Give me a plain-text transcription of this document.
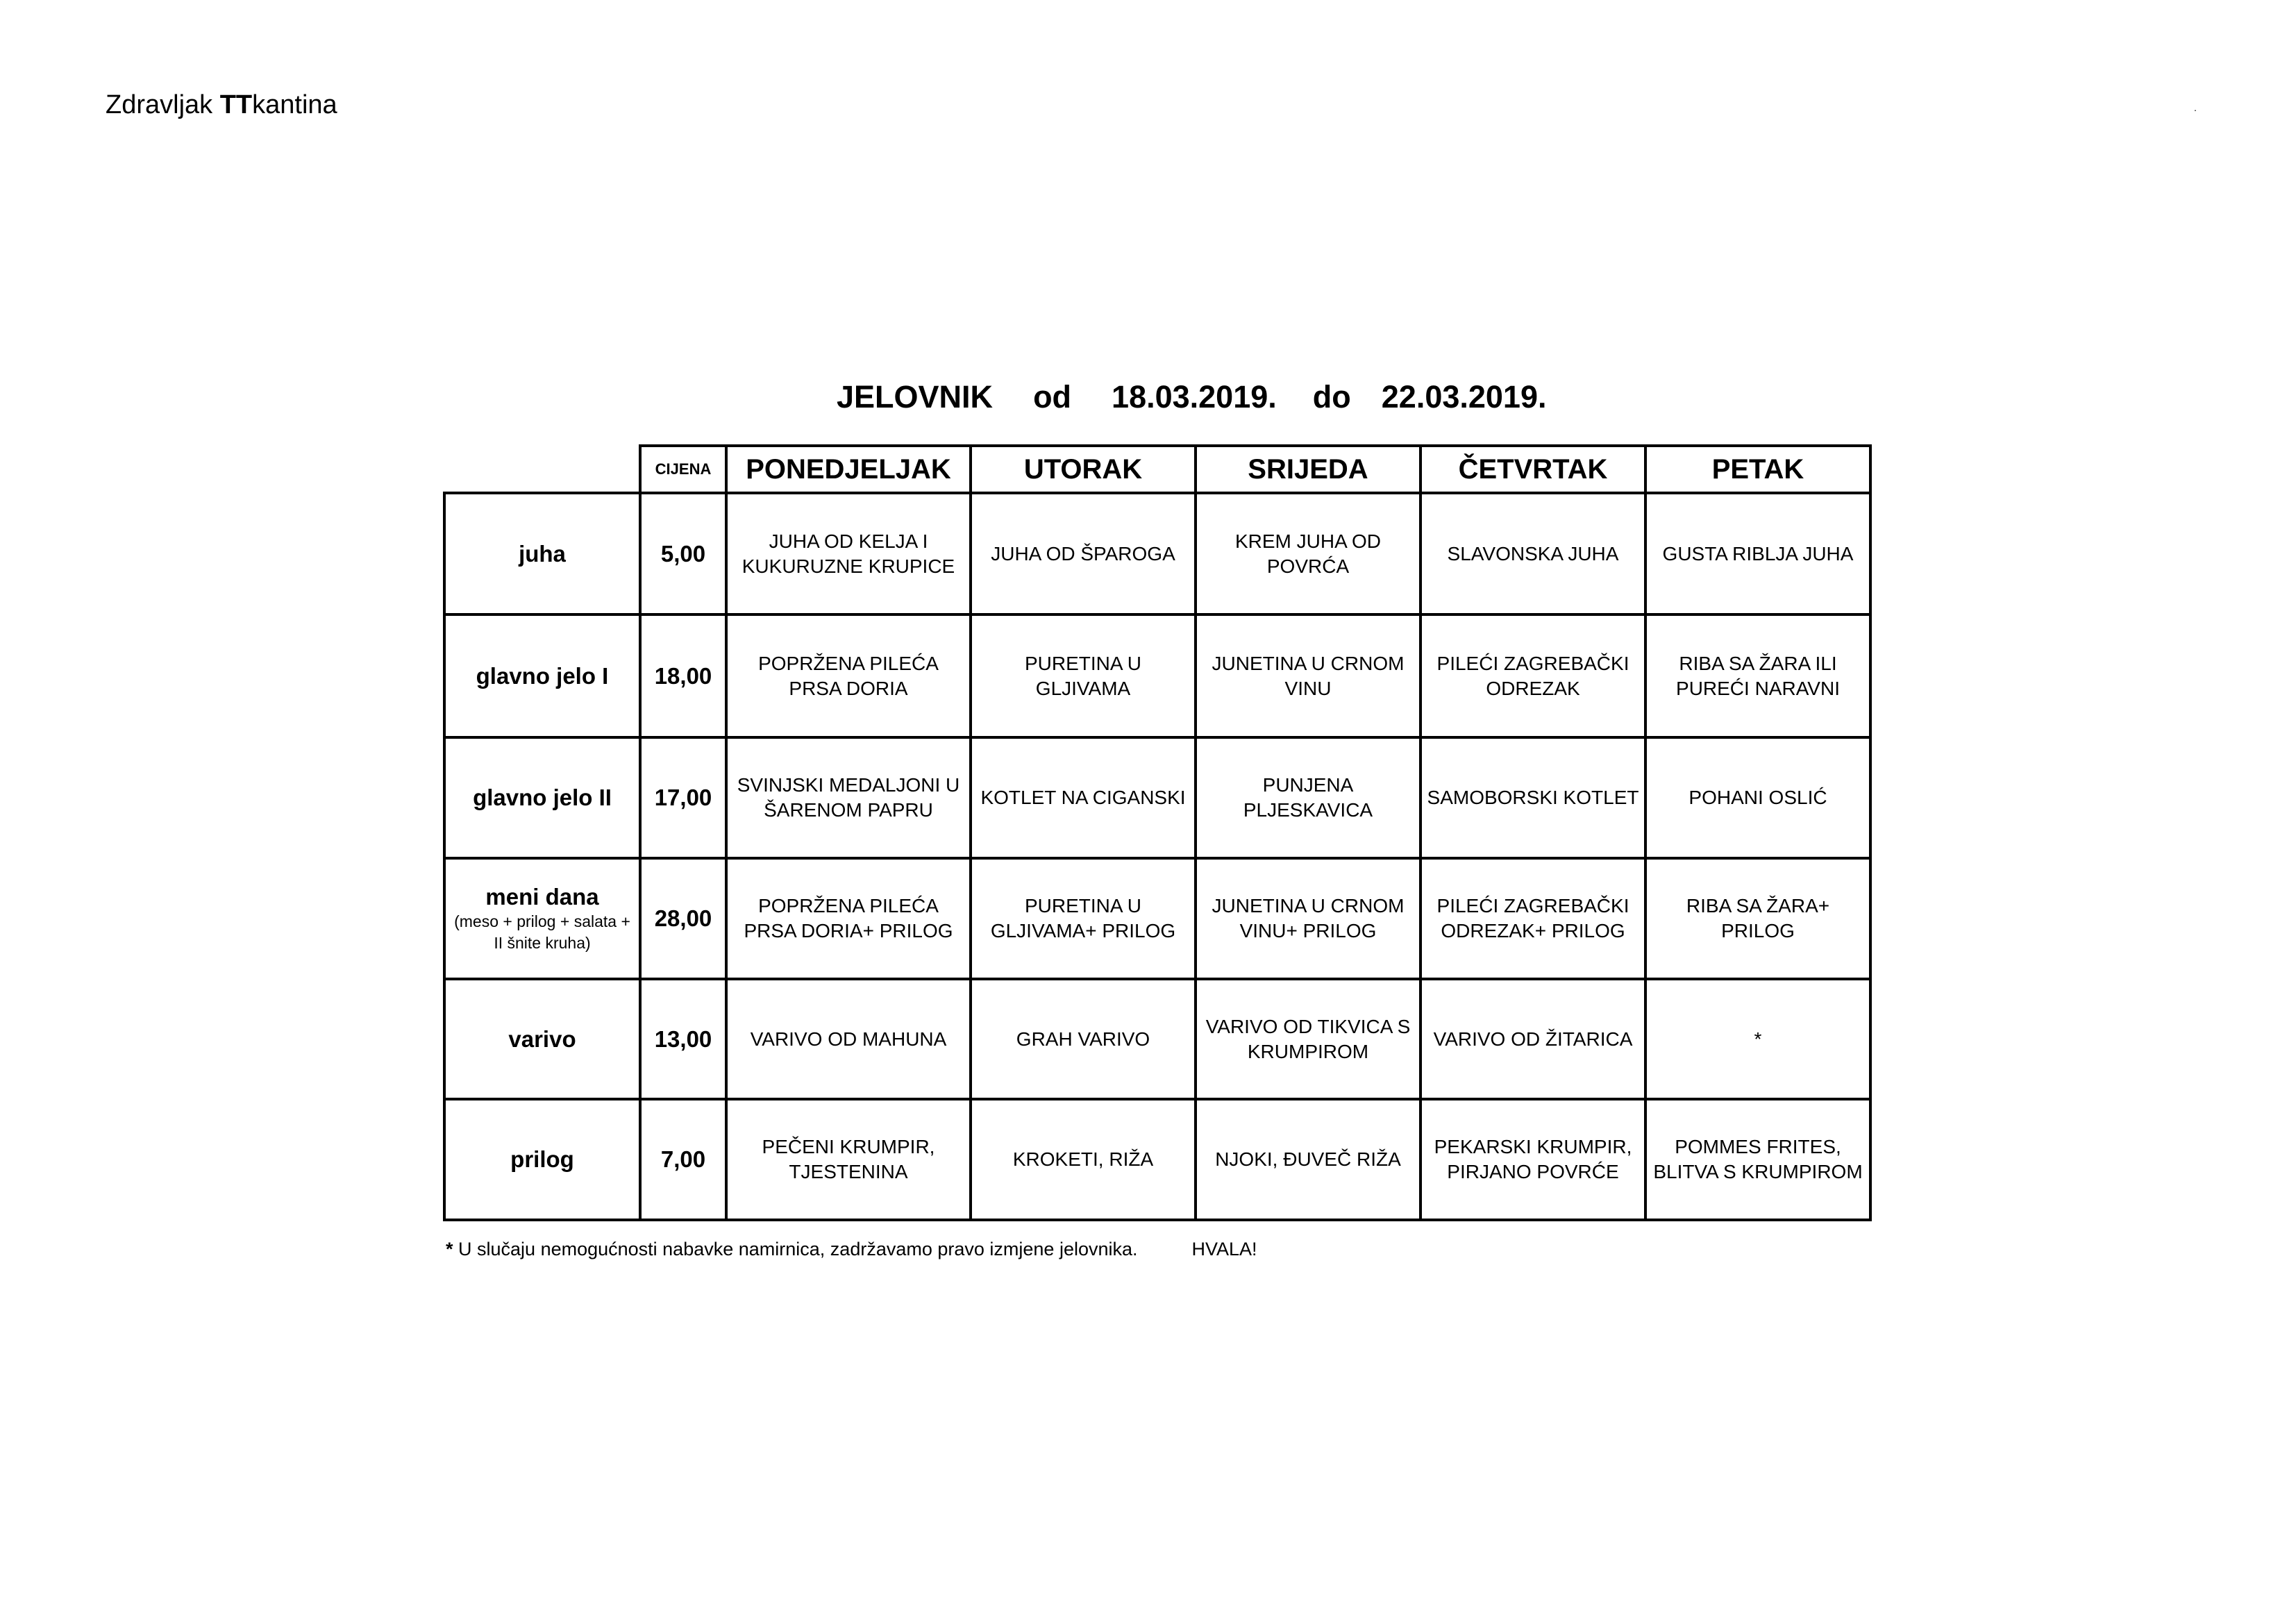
Zdravljak TTkantina	.

JELOVNIK od 18.03.2019. do 22.03.2019.

	CIJENA	PONEDJELJAK	UTORAK	SRIJEDA	ČETVRTAK	PETAK
juha	5,00	JUHA OD KELJA I KUKURUZNE KRUPICE	JUHA OD ŠPAROGA	KREM JUHA OD POVRĆA	SLAVONSKA JUHA	GUSTA RIBLJA JUHA
glavno jelo I	18,00	POPRŽENA PILEĆA PRSA DORIA	PURETINA U GLJIVAMA	JUNETINA U CRNOM VINU	PILEĆI ZAGREBAČKI ODREZAK	RIBA SA ŽARA ILI PUREĆI NARAVNI
glavno jelo II	17,00	SVINJSKI MEDALJONI U ŠARENOM PAPRU	KOTLET NA CIGANSKI	PUNJENA PLJESKAVICA	SAMOBORSKI KOTLET	POHANI OSLIĆ
meni dana
(meso + prilog + salata + II šnite kruha)	28,00	POPRŽENA PILEĆA PRSA DORIA+ PRILOG	PURETINA U GLJIVAMA+ PRILOG	JUNETINA U CRNOM VINU+ PRILOG	PILEĆI ZAGREBAČKI ODREZAK+ PRILOG	RIBA SA ŽARA+ PRILOG
varivo	13,00	VARIVO OD MAHUNA	GRAH VARIVO	VARIVO OD TIKVICA S KRUMPIROM	VARIVO OD ŽITARICA	*
prilog	7,00	PEČENI KRUMPIR, TJESTENINA	KROKETI, RIŽA	NJOKI, ĐUVEČ RIŽA	PEKARSKI KRUMPIR, PIRJANO POVRĆE	POMMES FRITES, BLITVA S KRUMPIROM
* U slučaju nemogućnosti nabavke namirnica, zadržavamo pravo izmjene jelovnika.	HVALA!
